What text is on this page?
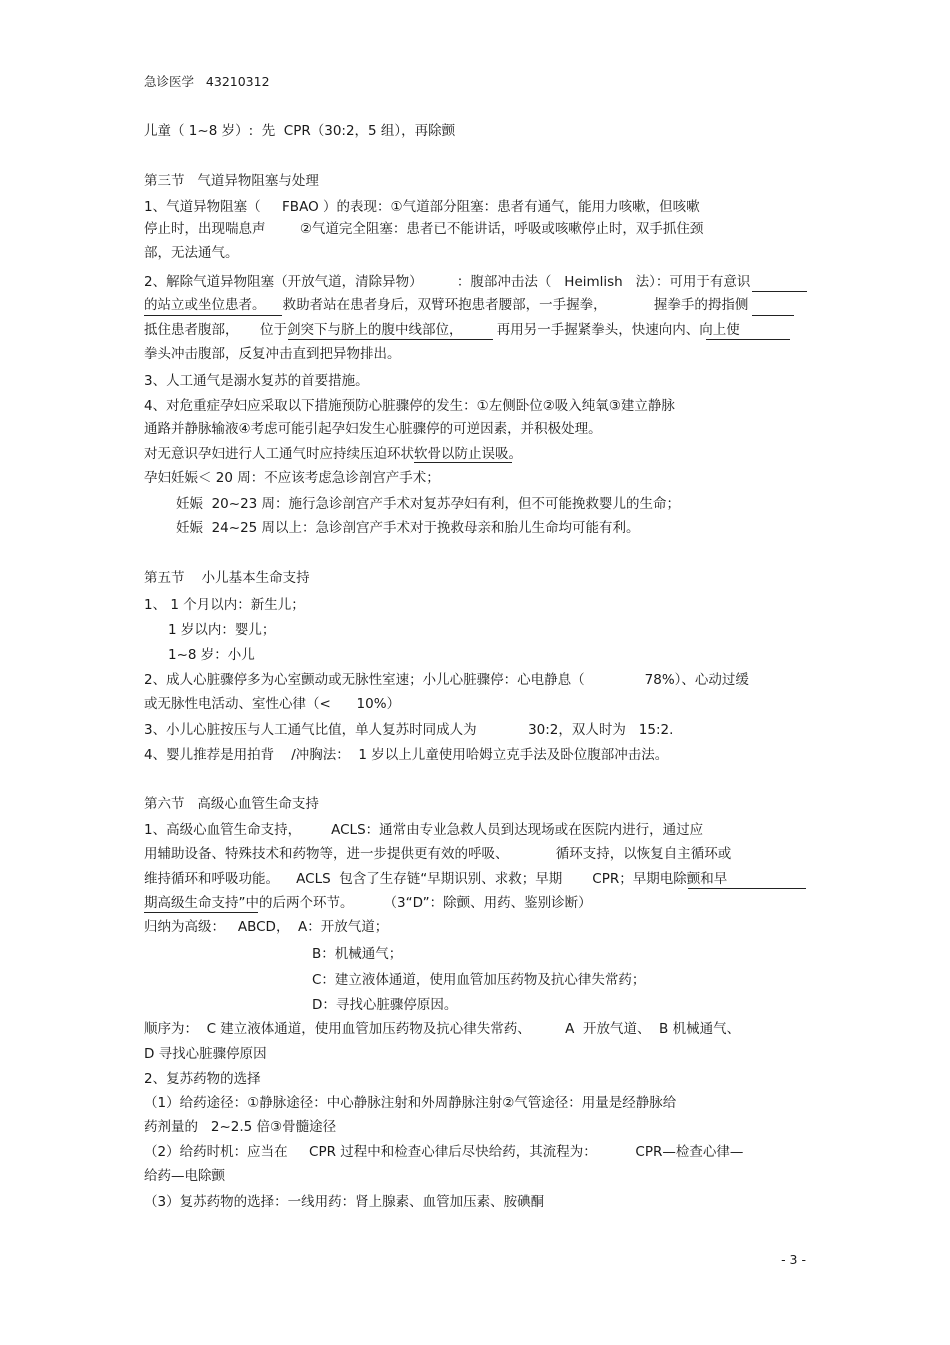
急诊医学   43210312
儿童（ 1~8 岁）:  先  CPR（30:2，5 组），再除颤
第三节   气道异物阻塞与处理
1、气道异物阻塞（     FBAO ）的表现：①气道部分阻塞：患者有通气，能用力咳嗽，但咳嗽
停止时，出现喘息声        ②气道完全阻塞：患者已不能讲话，呼吸或咳嗽停止时，双手抓住颈
部，无法通气。
2、解除气道异物阻塞（开放气道，清除异物）        ：腹部冲击法（   Heimlish   法）：可用于有意识
的站立或坐位患者。    救助者站在患者身后，双臂环抱患者腰部，一手握拳，           握拳手的拇指侧
抵住患者腹部，     位于剑突下与脐上的腹中线部位，        再用另一手握紧拳头，快速向内、向上使
拳头冲击腹部，反复冲击直到把异物排出。
3、人工通气是溺水复苏的首要措施。
4、对危重症孕妇应采取以下措施预防心脏骤停的发生：①左侧卧位②吸入纯氧③建立静脉
通路并静脉输液④考虑可能引起孕妇发生心脏骤停的可逆因素，并积极处理。
对无意识孕妇进行人工通气时应持续压迫环状软骨以防止误吸。
孕妇妊娠＜ 20 周：不应该考虑急诊剖宫产手术；
妊娠  20~23 周：施行急诊剖宫产手术对复苏孕妇有利，但不可能挽救婴儿的生命；
妊娠  24~25 周以上：急诊剖宫产手术对于挽救母亲和胎儿生命均可能有利。
第五节    小儿基本生命支持
1、 1 个月以内：新生儿；
1 岁以内：婴儿；
1~8 岁：小儿
2、成人心脏骤停多为心室颤动或无脉性室速；小儿心脏骤停：心电静息（              78%）、心动过缓
或无脉性电活动、室性心律（<      10%）
3、小儿心脏按压与人工通气比值，单人复苏时同成人为            30:2，双人时为   15:2.
4、婴儿推荐是用拍背    /冲胸法：  1 岁以上儿童使用哈姆立克手法及卧位腹部冲击法。
第六节   高级心血管生命支持
1、高级心血管生命支持，       ACLS：通常由专业急救人员到达现场或在医院内进行，通过应
用辅助设备、特殊技术和药物等，进一步提供更有效的呼吸、           循环支持，以恢复自主循环或
维持循环和呼吸功能。    ACLS  包含了生存链“早期识别、求救；早期       CPR；早期电除颤和早
期高级生命支持”中的后两个环节。       （3“D”：除颤、用药、鉴别诊断）
归纳为高级：   ABCD，  A：开放气道；
B：机械通气；
C：建立液体通道，使用血管加压药物及抗心律失常药；
D：寻找心脏骤停原因。
顺序为：  C 建立液体通道，使用血管加压药物及抗心律失常药、        A  开放气道、  B 机械通气、
D 寻找心脏骤停原因
2、复苏药物的选择
（1）给药途径：①静脉途径：中心静脉注射和外周静脉注射②气管途径：用量是经静脉给
药剂量的   2~2.5 倍③骨髓途径
（2）给药时机：应当在     CPR 过程中和检查心律后尽快给药，其流程为：         CPR—检查心律—
给药—电除颤
（3）复苏药物的选择：一线用药：肾上腺素、血管加压素、胺碘酮
- 3 -
